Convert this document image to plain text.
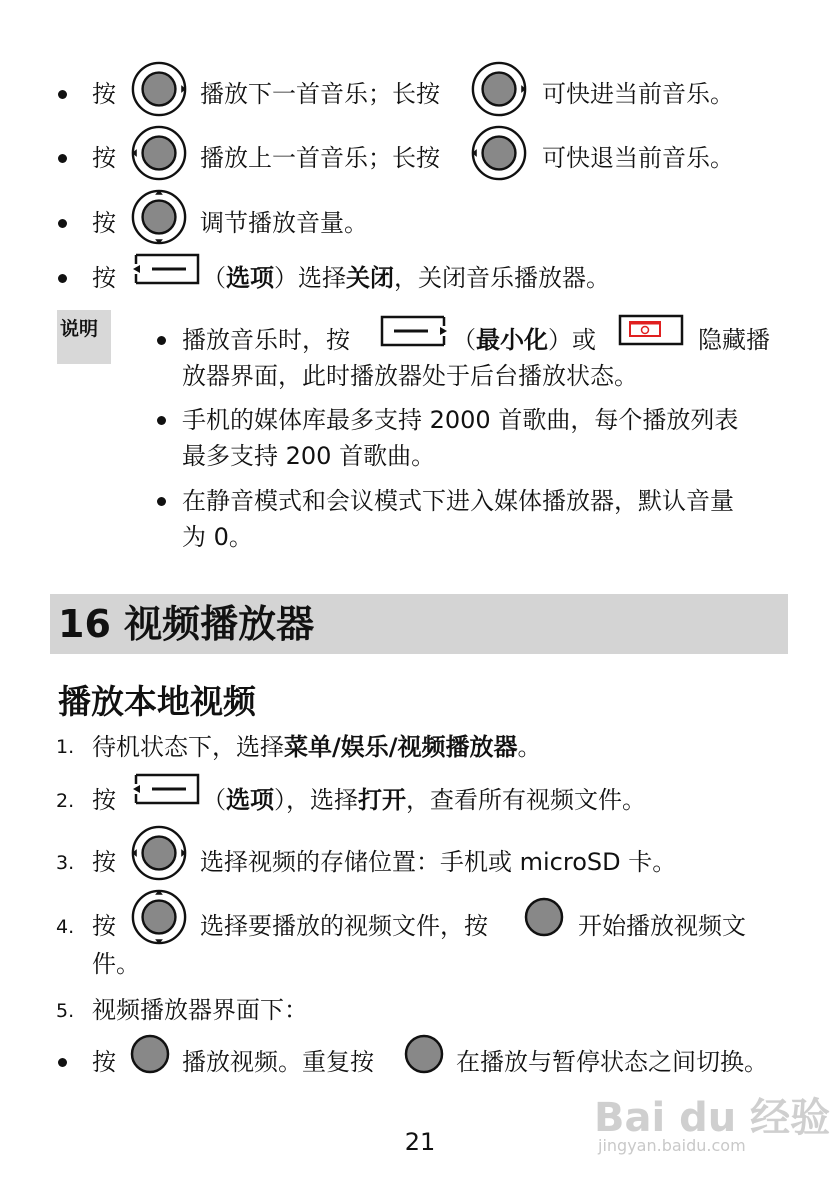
按	播放下一首音乐；长按	可快进当前音乐。
按	播放上一首音乐；长按	可快退当前音乐。
按	调节播放音量。
按	（选项）选择关闭，关闭音乐播放器。
说明	播放音乐时，按	（最小化）或	隐藏播
放器界面，此时播放器处于后台播放状态。
手机的媒体库最多支持 2000 首歌曲，每个播放列表
最多支持 200 首歌曲。
在静音模式和会议模式下进入媒体播放器，默认音量
为 0。
16 视频播放器
播放本地视频
1. 待机状态下，选择菜单/娱乐/视频播放器。
2. 按	（选项），选择打开，查看所有视频文件。
3. 按	选择视频的存储位置：手机或 microSD 卡。
4. 按	选择要播放的视频文件，按	开始播放视频文
件。
5. 视频播放器界面下：
按	播放视频。重复按	在播放与暂停状态之间切换。
Bai du 经验
jingyan.baidu.com
21
